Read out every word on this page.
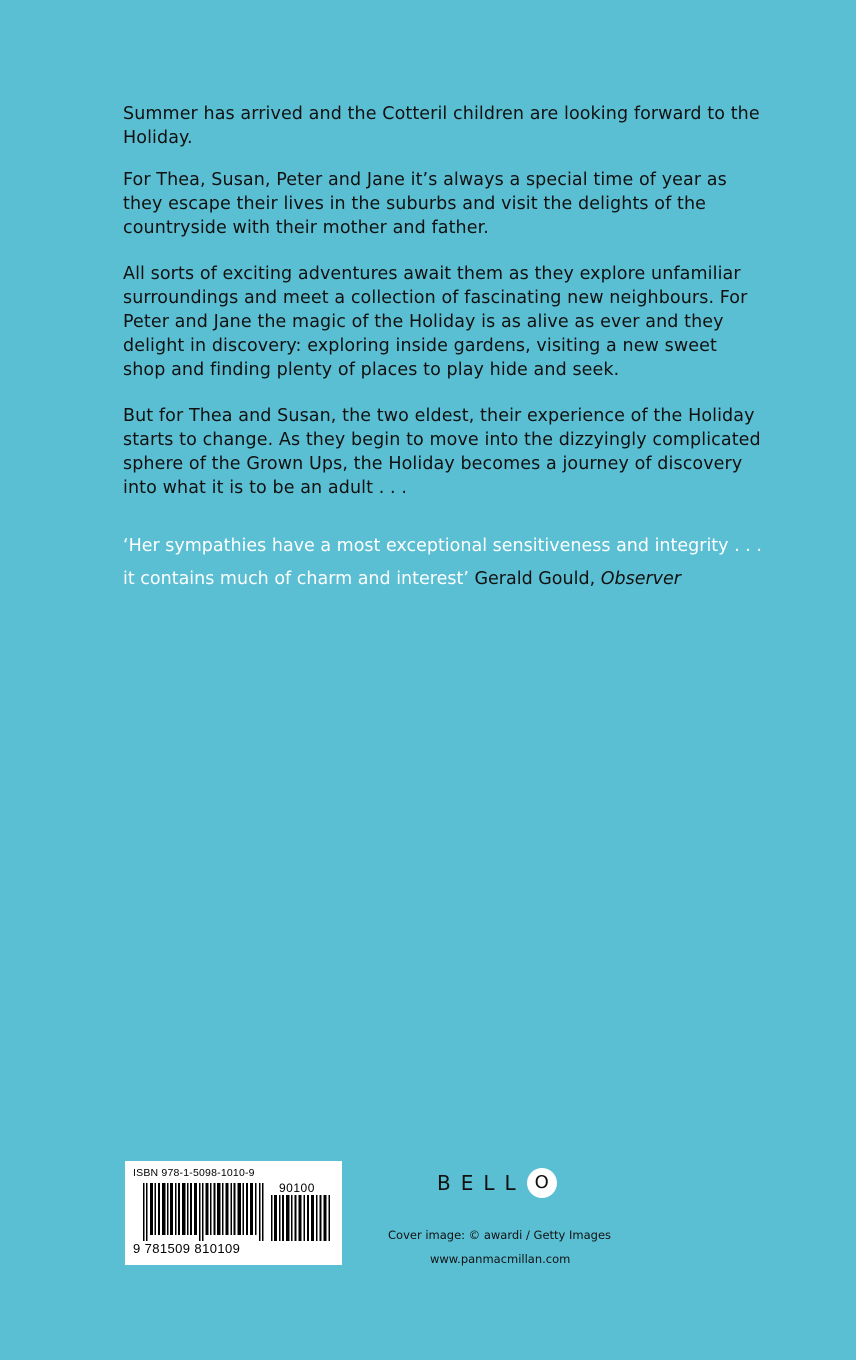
Summer has arrived and the Cotteril children are looking forward to the Holiday.

For Thea, Susan, Peter and Jane it’s always a special time of year as they escape their lives in the suburbs and visit the delights of the countryside with their mother and father.

All sorts of exciting adventures await them as they explore unfamiliar surroundings and meet a collection of fascinating new neighbours. For Peter and Jane the magic of the Holiday is as alive as ever and they delight in discovery: exploring inside gardens, visiting a new sweet shop and finding plenty of places to play hide and seek.

But for Thea and Susan, the two eldest, their experience of the Holiday starts to change. As they begin to move into the dizzyingly complicated sphere of the Grown Ups, the Holiday becomes a journey of discovery into what it is to be an adult . . .

‘Her sympathies have a most exceptional sensitiveness and integrity . . . it contains much of charm and interest’ Gerald Gould, Observer

ISBN 978-1-5098-1010-9
90100
9 781509 810109
BELL O
Cover image: © awardi / Getty Images
www.panmacmillan.com
